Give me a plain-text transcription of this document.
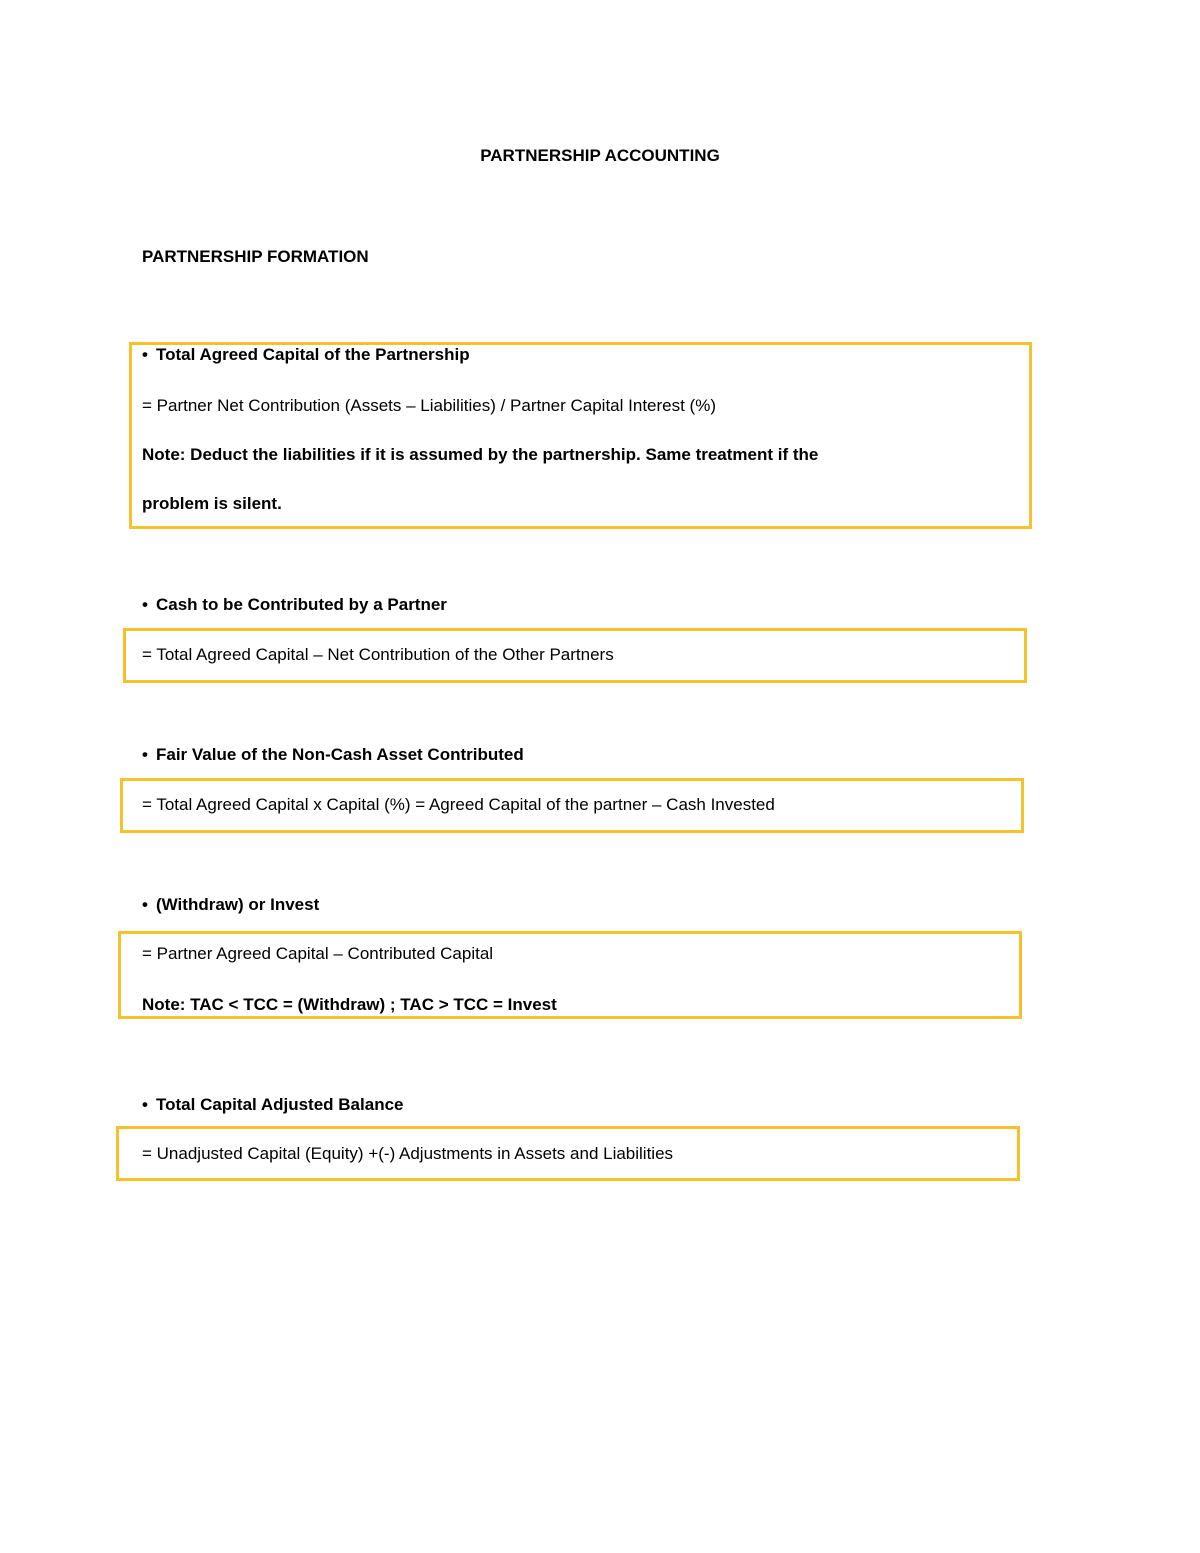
PARTNERSHIP ACCOUNTING
PARTNERSHIP FORMATION
• Total Agreed Capital of the Partnership
= Partner Net Contribution (Assets – Liabilities) / Partner Capital Interest (%)
Note: Deduct the liabilities if it is assumed by the partnership. Same treatment if the
problem is silent.
• Cash to be Contributed by a Partner
= Total Agreed Capital – Net Contribution of the Other Partners
• Fair Value of the Non-Cash Asset Contributed
= Total Agreed Capital x Capital (%) = Agreed Capital of the partner – Cash Invested
• (Withdraw) or Invest
= Partner Agreed Capital – Contributed Capital
Note: TAC < TCC = (Withdraw) ; TAC > TCC = Invest
• Total Capital Adjusted Balance
= Unadjusted Capital (Equity) +(-) Adjustments in Assets and Liabilities
